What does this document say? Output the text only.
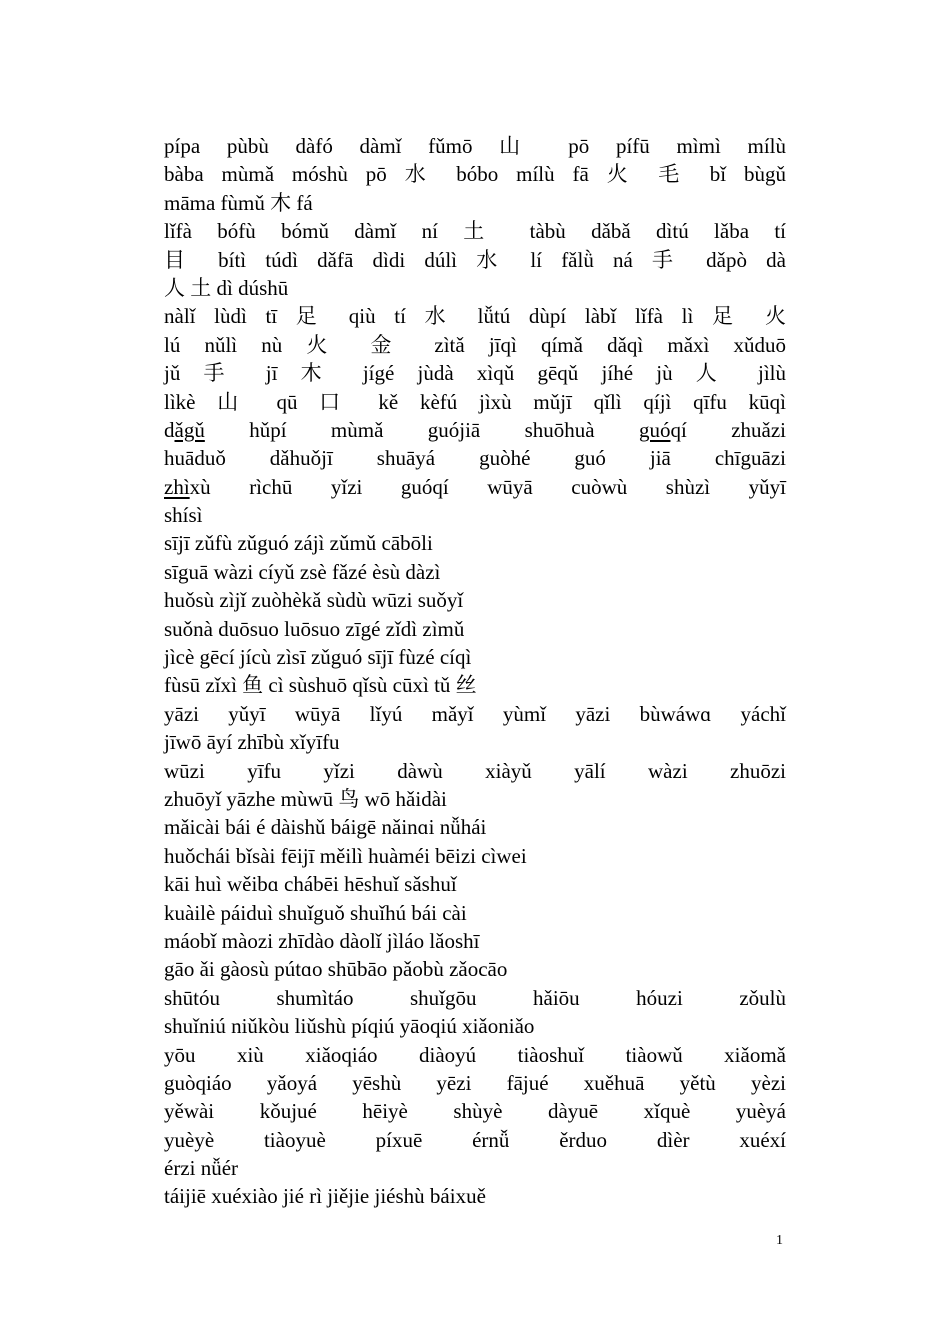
pípa pùbù dàfó dàmǐ fǔmō 山 pō pífū mìmì mílù
bàba mùmǎ móshù pō 水 bóbo mílù fā 火 毛 bǐ bùgǔ
māma fùmǔ 木 fá
lǐfà bófù bómǔ dàmǐ ní 土 tàbù dǎbǎ dìtú lǎba tí
目 bítì túdì dǎfā dìdi dúlì 水 lí fǎlǜ ná 手 dǎpò dà
人 土 dì dúshū
nàlǐ lùdì tī 足 qiù tí 水 lǚtú dùpí làbǐ lǐfà lì 足 火
lú nǔlì nù 火 金 zìtǎ jīqì qímǎ dǎqì mǎxì xǔduō
jǔ 手 jī 木 jígé jùdà xìqǔ gēqǔ jíhé jù 人 jìlù
lìkè 山 qū 口 kě kèfú jìxù mǔjī qǐlì qíjì qīfu kūqì
dǎgǔ hǔpí mùmǎ guójiā shuōhuà guóqí zhuǎzi
huāduǒ dǎhuǒjī shuāyá guòhé guó jiā chīguāzi
zhìxù rìchū yǐzi guóqí wūyā cuòwù shùzì yǔyī
shísì
sījī zǔfù zǔguó zájì zǔmǔ cābōli
sīguā wàzi cíyǔ zsè fǎzé èsù dàzì
huǒsù zìjǐ zuòhèkǎ sùdù wūzi suǒyǐ
suǒnà duōsuo luōsuo zīgé zǐdì zìmǔ
jìcè gēcí jícù zìsī zǔguó sījī fùzé cíqì
fùsū zǐxì 鱼 cì sùshuō qǐsù cūxì tǔ 丝
yāzi yǔyī wūyā lǐyú mǎyǐ yùmǐ yāzi bùwáwɑ yáchǐ
jīwō āyí zhībù xǐyīfu
wūzi yīfu yǐzi dàwù xiàyǔ yālí wàzi zhuōzi
zhuōyǐ yāzhe mùwū 鸟 wō hǎidài
mǎicài bái é dàishǔ báigē nǎinɑi nǚhái
huǒchái bǐsài fēijī měilì huàméi bēizi cìwei
kāi huì wěibɑ chábēi hēshuǐ sǎshuǐ
kuàilè páiduì shuǐguǒ shuǐhú bái cài
máobǐ màozi zhīdào dàolǐ jìláo lǎoshī
gāo ǎi gàosù pútɑo shūbāo pǎobù zǎocāo
shūtóu shumìtáo shuǐgōu hǎiōu hóuzi zǒulù
shuǐniú niǔkòu liǔshù píqiú yāoqiú xiǎoniǎo
yōu xiù xiǎoqiáo diàoyú tiàoshuǐ tiàowǔ xiǎomǎ
guòqiáo yǎoyá yēshù yēzi fājué xuěhuā yětù yèzi
yěwài kǒujué hēiyè shùyè dàyuē xǐquè yuèyá
yuèyè tiàoyuè píxuē érnǚ ěrduo dìèr xuéxí
érzi nǚér
táijiē xuéxiào jié rì jiějie jiéshù báixuě
1
